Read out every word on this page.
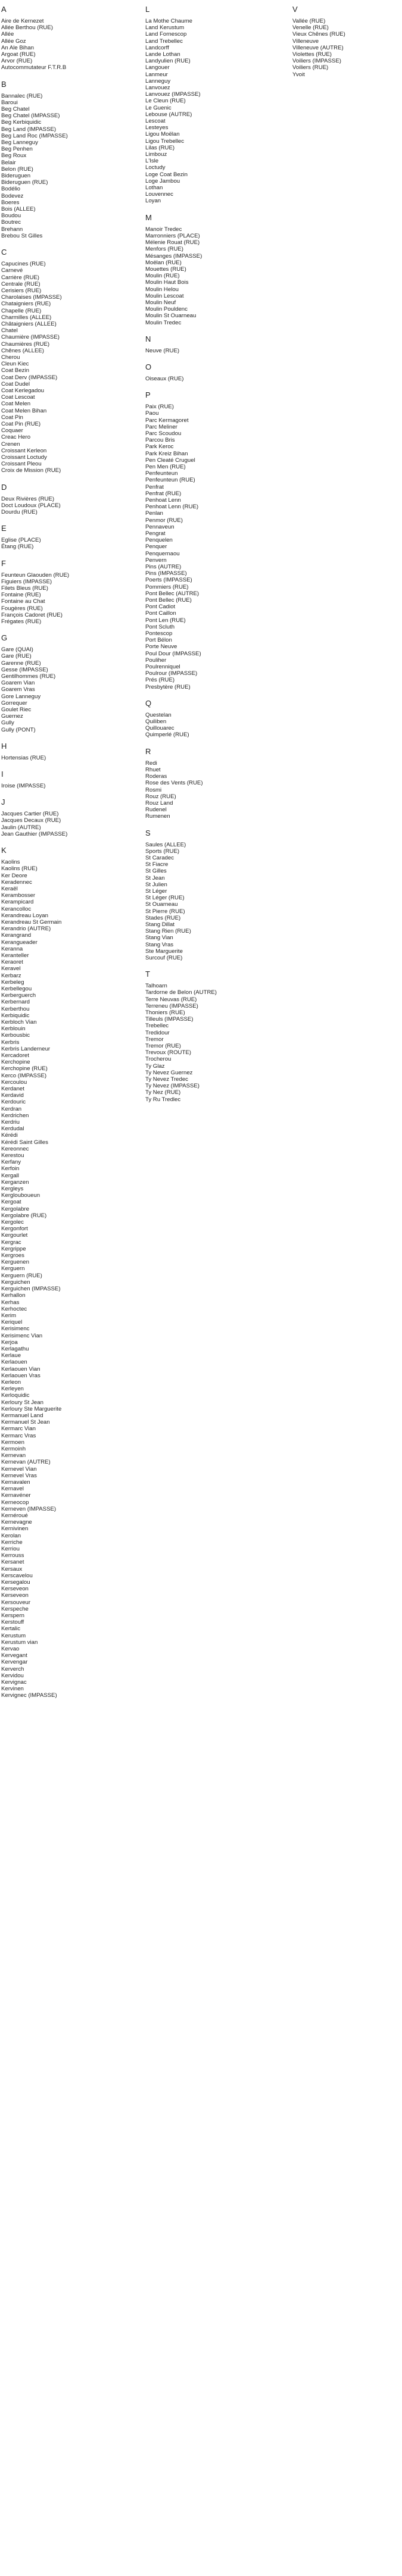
A
Aire de Kernezet
Allée Berthou (RUE)
Allée
Allée Goz
An Ale Bihan
Argoat (RUE)
Arvor (RUE)
Autocommutateur F.T.R.B
B
Bannalec (RUE)
Baroui
Beg Chatel
Beg Chatel (IMPASSE)
Beg Kerbiquidic
Beg Land (IMPASSE)
Beg Land Roc (IMPASSE)
Beg Lanneguy
Beg Penhen
Beg Roux
Belair
Belon (RUE)
Bideruguen
Bideruguen (RUE)
Bodélio
Bodevez
Boeres
Bois (ALLEE)
Boudou
Boutrec
Brehann
Brebou St Gilles
C
Capucines (RUE)
Carnevé
Carrière (RUE)
Centrale (RUE)
Cerisiers (RUE)
Charolaises (IMPASSE)
Chataigniers (RUE)
Chapelle (RUE)
Charmilles (ALLEE)
Châtaigniers (ALLEE)
Chatel
Chaumière (IMPASSE)
Chaumières (RUE)
Chênes (ALLEE)
Cherou
Cleun Kiec
Coat Bezin
Coat Derv (IMPASSE)
Coat Dudel
Coat Kerlegadou
Coat Lescoat
Coat Melen
Coat Melen Bihan
Coat Pin
Coat Pin (RUE)
Coquaer
Creac Hero
Crenen
Croissant Kerleon
Croissant Loctudy
Croissant Pleou
Croix de Mission (RUE)
D
Deux Rivières (RUE)
Doct Loudoux (PLACE)
Dourdu (RUE)
E
Eglise (PLACE)
Étang (RUE)
F
Feunteun Glaouden (RUE)
Figuiers (IMPASSE)
Filets Bleus (RUE)
Fontaine (RUE)
Fontaine au Chat
Fougères (RUE)
François Cadoret (RUE)
Frégates (RUE)
G
Gare (QUAI)
Gare (RUE)
Garenne (RUE)
Gesse (IMPASSE)
Gentilhommes (RUE)
Goarem Vian
Goarem Vras
Gore Lanneguy
Gorrequer
Goulet Riec
Guernez
Gully
Gully (PONT)
H
Hortensias (RUE)
I
Iroise (IMPASSE)
J
Jacques Cartier (RUE)
Jacques Decaux (RUE)
Jaulin (AUTRE)
Jean Gauthier (IMPASSE)
K
Kaolins
Kaolins (RUE)
Ker Deore
Keradennec
Keraël
Kerambosser
Kerampicard
Kerancolloc
Kerandreau Loyan
Kerandreau St Germain
Kerandrio (AUTRE)
Kerangrand
Kerangueader
Keranna
Keranteller
Keraoret
Keravel
Kerbarz
Kerbeleg
Kerbellegou
Kerberguerch
Kerbernard
Kerberthou
Kerbiquidic
Kerbloch Vian
Kerblouin
Kerbousbic
Kerbris
Kerbris Landerneur
Kercadoret
Kerchopine
Kerchopine (RUE)
Kerco (IMPASSE)
Kercoulou
Kerdanet
Kerdavid
Kerdouric
Kerdran
Kerdrichen
Kerdriu
Kerdudal
Kérédi
Kérédi Saint Gilles
Kereonnec
Kerestou
Kerfany
Kerfoin
Kergall
Kerganzen
Kergleys
Kerglouboueun
Kergoat
Kergolabre
Kergolabre (RUE)
Kergolec
Kergonfort
Kergourlet
Kergrac
Kergrippe
Kergroes
Kerguenen
Kerguern
Kerguern (RUE)
Kerguichen
Kerguichen (IMPASSE)
Kerhallon
Kerhas
Kerhoctec
Kerim
Keriquel
Kerisimenc
Kerisimenc Vian
Kerjoa
Kerlagathu
Kerlaue
Kerlaouen
Kerlaouen Vian
Kerlaouen Vras
Kerleon
Kerleyen
Kerloquidic
Kerloury St Jean
Kerloury Ste Marguerite
Kermanuel Land
Kermanuel St Jean
Kermarc Vian
Kermarc Vras
Kermoen
Kermoinh
Kernevan
Kernevan (AUTRE)
Kernevel Vian
Kernevel Vras
Kernavalen
Kernavel
Kernavéner
Kerneocop
Kerneven (IMPASSE)
Kernéroué
Kernevagne
Kernivinen
Kerolan
Kerriche
Kerriou
Kerrouss
Kersanet
Kersaux
Kerscavelou
Kersegalou
Kerseveon
Kerseveon
Kersouveur
Kerspeche
Kerspern
Kerstouff
Kertalic
Kerustum
Kerustum vian
Kervao
Kervegant
Kervengar
Kerverch
Kervidou
Kervignac
Kervinen
Kervignec (IMPASSE)
L
La Mothe Chaume
Land Kerustum
Land Fornescop
Land Trebellec
Landcorff
Lande Lothan
Landyulien (RUE)
Langouer
Lanmeur
Lanneguy
Lanvouez
Lanvouez (IMPASSE)
Le Cleun (RUE)
Le Guenic
Lebouse (AUTRE)
Lescoat
Lesteyes
Ligou Moëlan
Ligou Trebellec
Lilas (RUE)
Limbouz
L'Isle
Loctudy
Loge Coat Bezin
Loge Jambou
Lothan
Louvennec
Loyan
M
Manoir Tredec
Marronniers (PLACE)
Mélenie Rouat (RUE)
Menfors (RUE)
Mésanges (IMPASSE)
Moëlan (RUE)
Mouettes (RUE)
Moulin (RUE)
Moulin Haut Bois
Moulin Helou
Moulin Lescoat
Moulin Neuf
Moulin Pouldenc
Moulin St Ouarneau
Moulin Tredec
N
Neuve (RUE)
O
Oiseaux (RUE)
P
Paix (RUE)
Paou
Parc Kermagoret
Parc Meliner
Parc Scoudou
Parcou Bris
Park Keroc
Park Kreiz Bihan
Pen Cleaté Cruguel
Pen Men (RUE)
Penfeunteun
Penfeunteun (RUE)
Penfrat
Penfrat (RUE)
Penhoat Lenn
Penhoat Lenn (RUE)
Penlan
Penmor (RUE)
Pennaveun
Pengrat
Penquelen
Penquer
Penquernaou
Penvern
Pins (AUTRE)
Pins (IMPASSE)
Poerts (IMPASSE)
Pommiers (RUE)
Pont Bellec (AUTRE)
Pont Bellec (RUE)
Pont Cadiot
Pont Caillon
Pont Len (RUE)
Pont Scluth
Pontescop
Port Bélon
Porte Neuve
Poul Dour (IMPASSE)
Pouliher
Poulrenniquel
Poulrour (IMPASSE)
Prés (RUE)
Presbytère (RUE)
Q
Questelan
Quiliben
Quillouarec
Quimperlé (RUE)
R
Redi
Rhuet
Roderas
Rose des Vents (RUE)
Rosmi
Rouz (RUE)
Rouz Land
Rudenel
Rumenen
S
Saules (ALLEE)
Sports (RUE)
St Caradec
St Fiacre
St Gilles
St Jean
St Julien
St Léger
St Léger (RUE)
St Ouarneau
St Pierre (RUE)
Stades (RUE)
Stang Dillat
Stang Rien (RUE)
Stang Vian
Stang Vras
Ste Marguerite
Surcouf (RUE)
T
Talhoarn
Tardorne de Belon (AUTRE)
Terre Neuvas (RUE)
Terreneu (IMPASSE)
Thoniers (RUE)
Tilleuls (IMPASSE)
Trebellec
Tredidour
Tremor
Tremor (RUE)
Trevoux (ROUTE)
Trocherou
Ty Glaz
Ty Nevez Guernez
Ty Nevez Tredec
Ty Nevez (IMPASSE)
Ty Nez (RUE)
Ty Ru Tredlec
V
Vallée (RUE)
Venelle (RUE)
Vieux Chênes (RUE)
Villeneuve
Villeneuve (AUTRE)
Violettes (RUE)
Voiliers (IMPASSE)
Voiliers (RUE)
Yvoit
